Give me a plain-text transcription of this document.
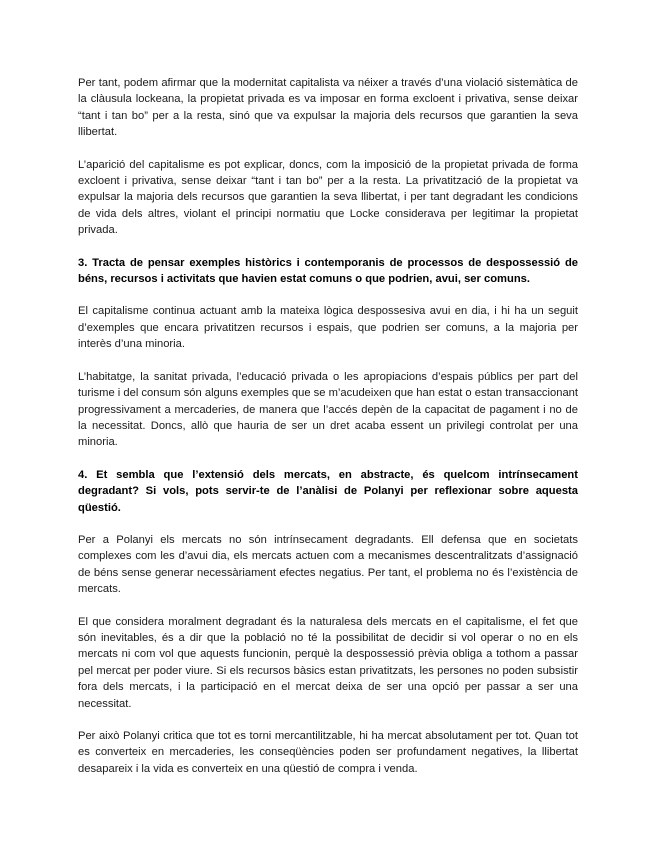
Per tant, podem afirmar que la modernitat capitalista va néixer a través d’una violació sistemàtica de la clàusula lockeana, la propietat privada es va imposar en forma excloent i privativa, sense deixar “tant i tan bo” per a la resta, sinó que va expulsar la majoria dels recursos que garantien la seva llibertat.

L’aparició del capitalisme es pot explicar, doncs, com la imposició de la propietat privada de forma excloent i privativa, sense deixar “tant i tan bo” per a la resta. La privatització de la propietat va expulsar la majoria dels recursos que garantien la seva llibertat, i per tant degradant les condicions de vida dels altres, violant el principi normatiu que Locke considerava per legitimar la propietat privada.

3. Tracta de pensar exemples històrics i contemporanis de processos de despossessió de béns, recursos i activitats que havien estat comuns o que podrien, avui, ser comuns.

El capitalisme continua actuant amb la mateixa lògica despossesiva avui en dia, i hi ha un seguit d’exemples que encara privatitzen recursos i espais, que podrien ser comuns, a la majoria per interès d’una minoria.

L’habitatge, la sanitat privada, l’educació privada o les apropiacions d’espais públics per part del turisme i del consum són alguns exemples que se m’acudeixen que han estat o estan transaccionant progressivament a mercaderies, de manera que l’accés depèn de la capacitat de pagament i no de la necessitat. Doncs, allò que hauria de ser un dret acaba essent un privilegi controlat per una minoria.

4. Et sembla que l’extensió dels mercats, en abstracte, és quelcom intrínsecament degradant? Si vols, pots servir-te de l’anàlisi de Polanyi per reflexionar sobre aquesta qüestió.

Per a Polanyi els mercats no són intrínsecament degradants. Ell defensa que en societats complexes com les d’avui dia, els mercats actuen com a mecanismes descentralitzats d’assignació de béns sense generar necessàriament efectes negatius. Per tant, el problema no és l’existència de mercats.

El que considera moralment degradant és la naturalesa dels mercats en el capitalisme, el fet que són inevitables, és a dir que la població no té la possibilitat de decidir si vol operar o no en els mercats ni com vol que aquests funcionin, perquè la despossessió prèvia obliga a tothom a passar pel mercat per poder viure. Si els recursos bàsics estan privatitzats, les persones no poden subsistir fora dels mercats, i la participació en el mercat deixa de ser una opció per passar a ser una necessitat.

Per això Polanyi critica que tot es torni mercantilitzable, hi ha mercat absolutament per tot. Quan tot es converteix en mercaderies, les conseqüències poden ser profundament negatives, la llibertat desapareix i la vida es converteix en una qüestió de compra i venda.
